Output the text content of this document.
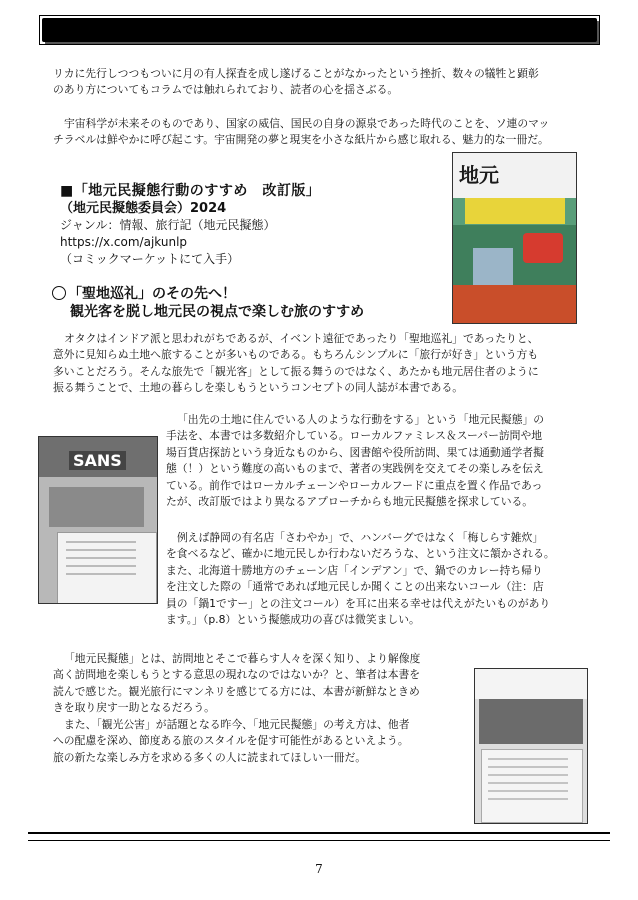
リカに先行しつつもついに月の有人探査を成し遂げることがなかったという挫折、数々の犠牲と顕彰
のあり方についてもコラムでは触れられており、読者の心を揺さぶる。
宇宙科学が未来そのものであり、国家の威信、国民の自身の源泉であった時代のことを、ソ連のマッ
チラベルは鮮やかに呼び起こす。宇宙開発の夢と現実を小さな紙片から感じ取れる、魅力的な一冊だ。
地元
■「地元民擬態行動のすすめ　改訂版」
（地元民擬態委員会）2024
ジャンル：情報、旅行記（地元民擬態）
https://x.com/ajkunlp
（コミックマーケットにて入手）
「聖地巡礼」のその先へ！
観光客を脱し地元民の視点で楽しむ旅のすすめ
オタクはインドア派と思われがちであるが、イベント遠征であったり「聖地巡礼」であったりと、
意外に見知らぬ土地へ旅することが多いものである。もちろんシンプルに「旅行が好き」という方も
多いことだろう。そんな旅先で「観光客」として振る舞うのではなく、あたかも地元居住者のように
振る舞うことで、土地の暮らしを楽しもうというコンセプトの同人誌が本書である。
SANS
「出先の土地に住んでいる人のような行動をする」という「地元民擬態」の
手法を、本書では多数紹介している。ローカルファミレス＆スーパー訪問や地
場百貨店探訪という身近なものから、図書館や役所訪問、果ては通動通学者擬
態（！）という難度の高いものまで、著者の実践例を交えてその楽しみを伝え
ている。前作ではローカルチェーンやローカルフードに重点を置く作品であっ
たが、改訂版ではより異なるアプローチからも地元民擬態を探求している。
例えば静岡の有名店「さわやか」で、ハンバーグではなく「梅しらす雑炊」
を食べるなど、確かに地元民しか行わないだろうな、という注文に頷かされる。
また、北海道十勝地方のチェーン店「インデアン」で、鍋でのカレー持ち帰り
を注文した際の「通常であれば地元民しか聞くことの出来ないコール（注：店
員の「鍋1ですー」との注文コール）を耳に出来る幸せは代えがたいものがあり
ます。」（p.8）という擬態成功の喜びは微笑ましい。
「地元民擬態」とは、訪問地とそこで暮らす人々を深く知り、より解像度
高く訪問地を楽しもうとする意思の現れなのではないか？と、筆者は本書を
読んで感じた。観光旅行にマンネリを感じてる方には、本書が新鮮なときめ
きを取り戻す一助となるだろう。
また、「観光公害」が話題となる昨今、「地元民擬態」の考え方は、他者
への配慮を深め、節度ある旅のスタイルを促す可能性があるといえよう。
旅の新たな楽しみ方を求める多くの人に読まれてほしい一冊だ。
7
